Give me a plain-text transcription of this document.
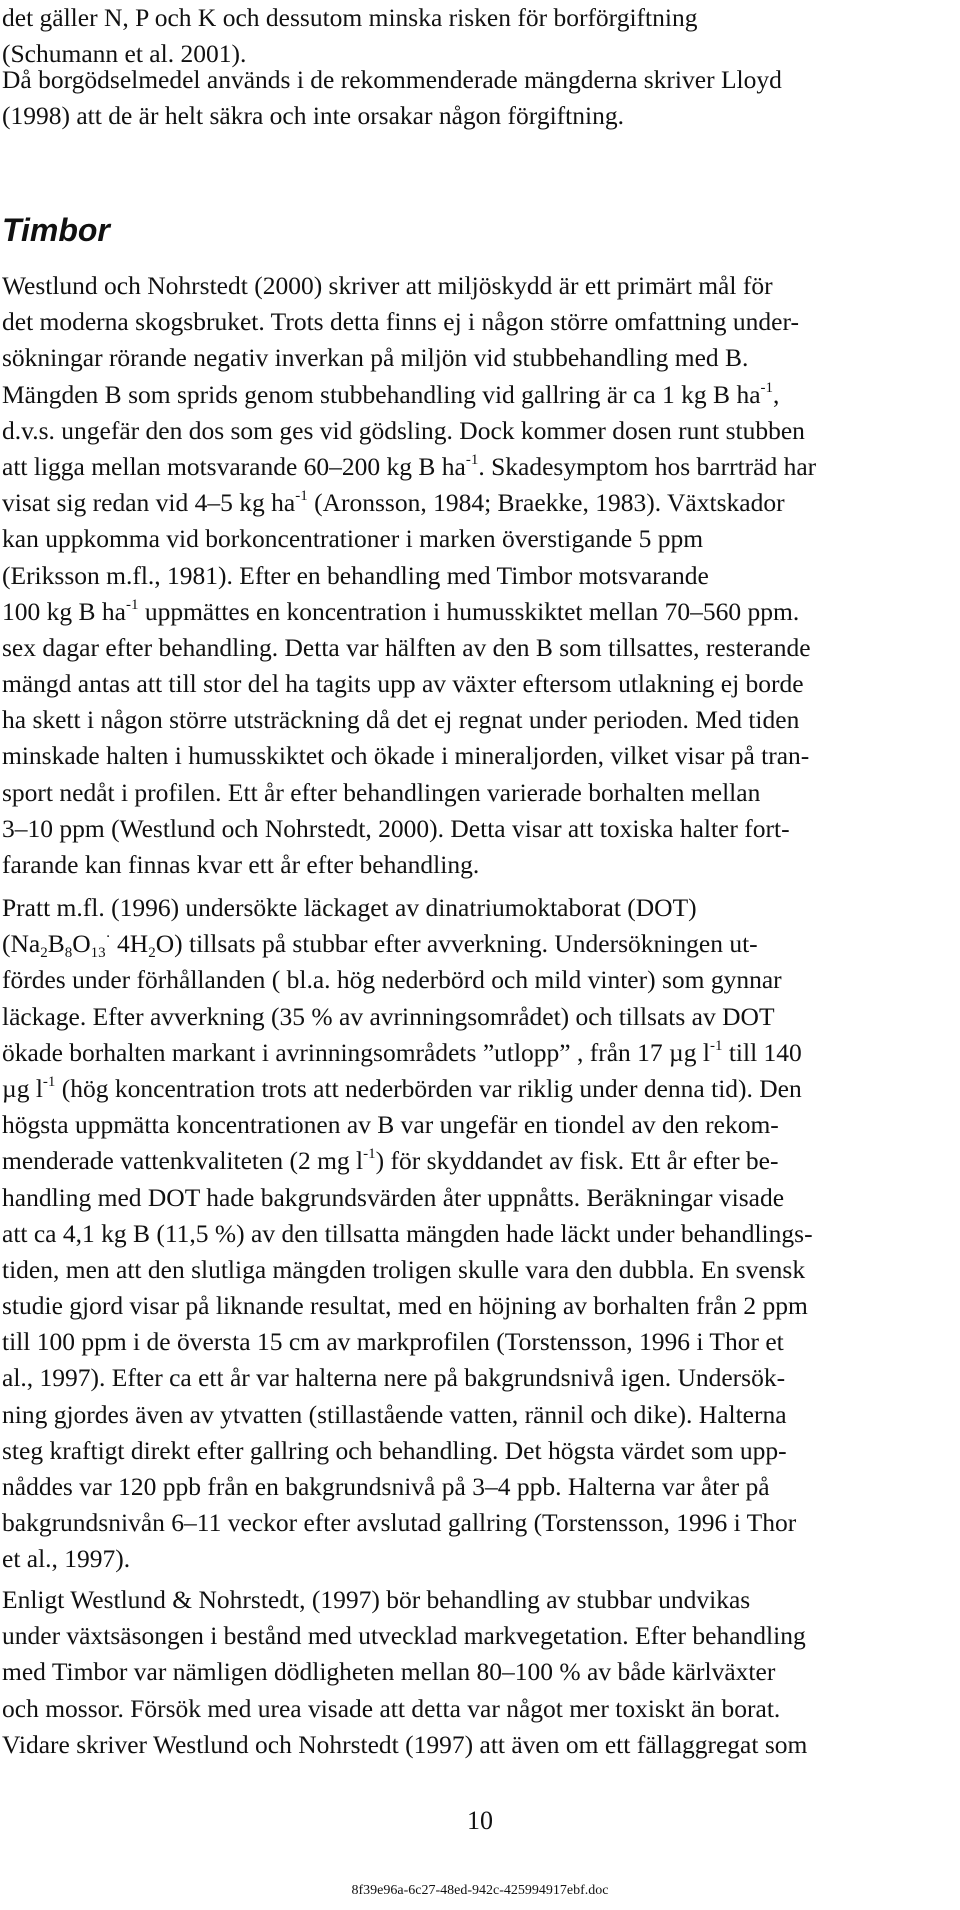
det gäller N, P och K och dessutom minska risken för borförgiftning
(Schumann et al. 2001).
Då borgödselmedel används i de rekommenderade mängderna skriver Lloyd
(1998) att de är helt säkra och inte orsakar någon förgiftning.
Timbor
Westlund och Nohrstedt (2000) skriver att miljöskydd är ett primärt mål för
det moderna skogsbruket. Trots detta finns ej i någon större omfattning under-
sökningar rörande negativ inverkan på miljön vid stubbehandling med B.
Mängden B som sprids genom stubbehandling vid gallring är ca 1 kg B $ha^{-1}$,
d.v.s. ungefär den dos som ges vid gödsling. Dock kommer dosen runt stubben
att ligga mellan motsvarande 60–200 kg B $ha^{-1}$. Skadesymptom hos barrträd har
visat sig redan vid 4–5 kg $ha^{-1}$ (Aronsson, 1984; Braekke, 1983). Växtskador
kan uppkomma vid borkoncentrationer i marken överstigande 5 ppm
(Eriksson m.fl., 1981). Efter en behandling med Timbor motsvarande
100 kg B $ha^{-1}$ uppmättes en koncentration i humusskiktet mellan 70–560 ppm.
sex dagar efter behandling. Detta var hälften av den B som tillsattes, resterande
mängd antas att till stor del ha tagits upp av växter eftersom utlakning ej borde
ha skett i någon större utsträckning då det ej regnat under perioden. Med tiden
minskade halten i humusskiktet och ökade i mineraljorden, vilket visar på tran-
sport nedåt i profilen. Ett år efter behandlingen varierade borhalten mellan
3–10 ppm (Westlund och Nohrstedt, 2000). Detta visar att toxiska halter fort-
farande kan finnas kvar ett år efter behandling.
Pratt m.fl. (1996) undersökte läckaget av dinatriumoktaborat (DOT)
($Na_2B_8O_{13}^\cdot$ $4H_2O$) tillsats på stubbar efter avverkning. Undersökningen ut-
fördes under förhållanden ( bl.a. hög nederbörd och mild vinter) som gynnar
läckage. Efter avverkning (35 % av avrinningsområdet) och tillsats av DOT
ökade borhalten markant i avrinningsområdets ”utlopp” , från 17 µg $l^{-1}$ till 140
µg $l^{-1}$ (hög koncentration trots att nederbörden var riklig under denna tid). Den
högsta uppmätta koncentrationen av B var ungefär en tiondel av den rekom-
menderade vattenkvaliteten (2 mg $l^{-1}$) för skyddandet av fisk. Ett år efter be-
handling med DOT hade bakgrundsvärden åter uppnåtts. Beräkningar visade
att ca 4,1 kg B (11,5 %) av den tillsatta mängden hade läckt under behandlings-
tiden, men att den slutliga mängden troligen skulle vara den dubbla. En svensk
studie gjord visar på liknande resultat, med en höjning av borhalten från 2 ppm
till 100 ppm i de översta 15 cm av markprofilen (Torstensson, 1996 i Thor et
al., 1997). Efter ca ett år var halterna nere på bakgrundsnivå igen. Undersök-
ning gjordes även av ytvatten (stillastående vatten, rännil och dike). Halterna
steg kraftigt direkt efter gallring och behandling. Det högsta värdet som upp-
nåddes var 120 ppb från en bakgrundsnivå på 3–4 ppb. Halterna var åter på
bakgrundsnivån 6–11 veckor efter avslutad gallring (Torstensson, 1996 i Thor
et al., 1997).
Enligt Westlund & Nohrstedt, (1997) bör behandling av stubbar undvikas
under växtsäsongen i bestånd med utvecklad markvegetation. Efter behandling
med Timbor var nämligen dödligheten mellan 80–100 % av både kärlväxter
och mossor. Försök med urea visade att detta var något mer toxiskt än borat.
Vidare skriver Westlund och Nohrstedt (1997) att även om ett fällaggregat som
10
8f39e96a-6c27-48ed-942c-425994917ebf.doc
